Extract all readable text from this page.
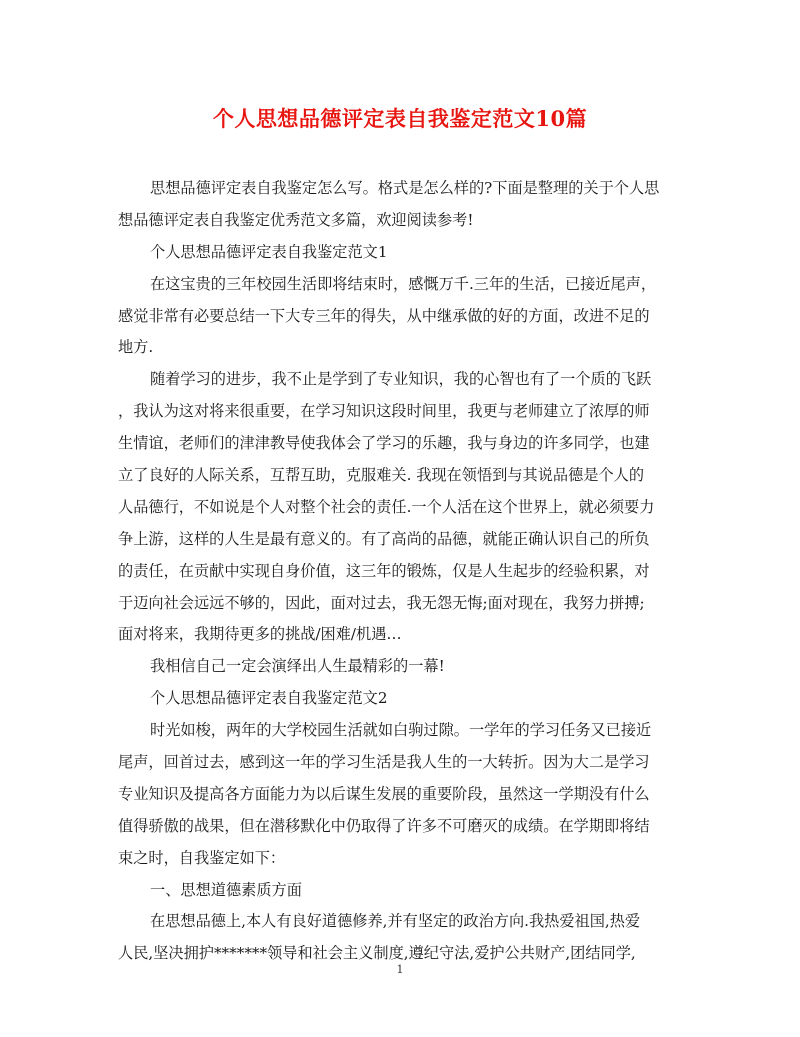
个人思想品德评定表自我鉴定范文10篇
思想品德评定表自我鉴定怎么写。格式是怎么样的?下面是整理的关于个人思
想品德评定表自我鉴定优秀范文多篇，欢迎阅读参考!
个人思想品德评定表自我鉴定范文1
在这宝贵的三年校园生活即将结束时，感慨万千.三年的生活，已接近尾声，
感觉非常有必要总结一下大专三年的得失，从中继承做的好的方面，改进不足的
地方.
随着学习的进步，我不止是学到了专业知识，我的心智也有了一个质的飞跃
，我认为这对将来很重要，在学习知识这段时间里，我更与老师建立了浓厚的师
生情谊，老师们的津津教导使我体会了学习的乐趣，我与身边的许多同学，也建
立了良好的人际关系，互帮互助，克服难关. 我现在领悟到与其说品德是个人的
人品德行，不如说是个人对整个社会的责任.一个人活在这个世界上，就必须要力
争上游，这样的人生是最有意义的。有了高尚的品德，就能正确认识自己的所负
的责任，在贡献中实现自身价值，这三年的锻炼，仅是人生起步的经验积累，对
于迈向社会远远不够的，因此，面对过去，我无怨无悔;面对现在，我努力拼搏;
面对将来，我期待更多的挑战/困难/机遇…
我相信自己一定会演绎出人生最精彩的一幕!
个人思想品德评定表自我鉴定范文2
时光如梭，两年的大学校园生活就如白驹过隙。一学年的学习任务又已接近
尾声，回首过去，感到这一年的学习生活是我人生的一大转折。因为大二是学习
专业知识及提高各方面能力为以后谋生发展的重要阶段，虽然这一学期没有什么
值得骄傲的战果，但在潜移默化中仍取得了许多不可磨灭的成绩。在学期即将结
束之时，自我鉴定如下：
一、思想道德素质方面
在思想品德上,本人有良好道德修养,并有坚定的政治方向.我热爱祖国,热爱
人民,坚决拥护*******领导和社会主义制度,遵纪守法,爱护公共财产,团结同学,
1
